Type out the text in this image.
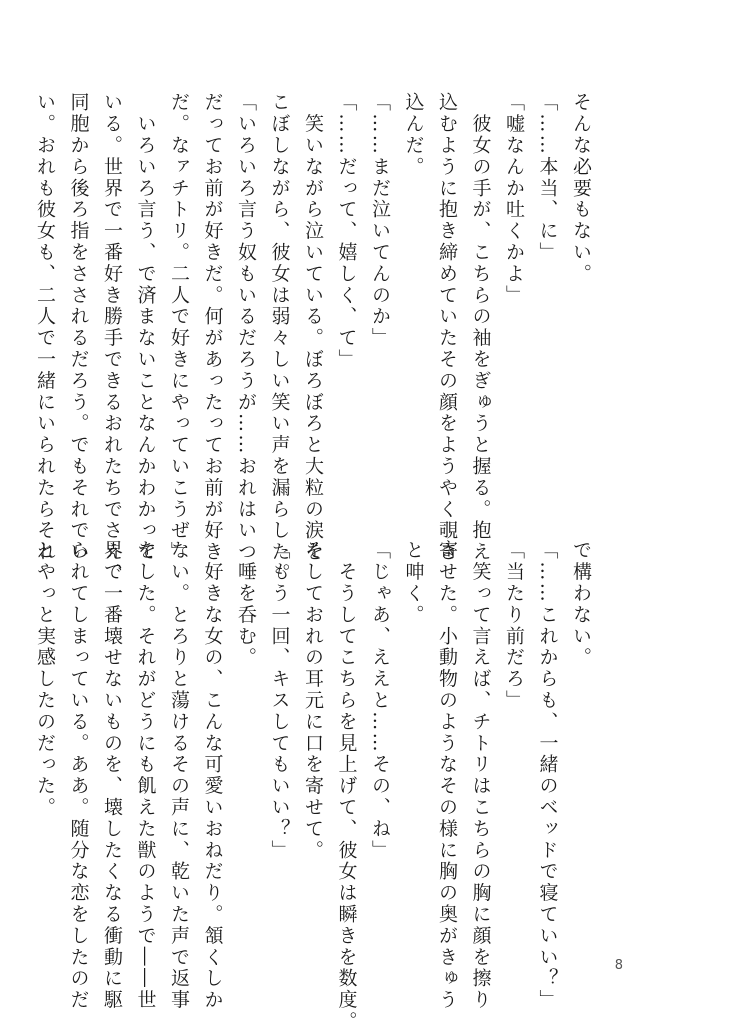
そんな必要もない。
「……本当、に」
「嘘なんか吐くかよ」
　彼女の手が、こちらの袖をぎゅうと握る。抱え
込むように抱き締めていたその顔をようやく覗き
込んだ。
「……まだ泣いてんのか」
「……だって、嬉しく、て」
　笑いながら泣いている。ぼろぼろと大粒の涙を
こぼしながら、彼女は弱々しい笑い声を漏らした。
「いろいろ言う奴もいるだろうが……おれはいつ
だってお前が好きだ。何があったってお前が好き
だ。なァチトリ。二人で好きにやっていこうぜ」
　いろいろ言う、で済まないことなんかわかって
いる。世界で一番好き勝手できるおれたちでさえ、
同胞から後ろ指をさされるだろう。でもそれでい
い。おれも彼女も、二人で一緒にいられたらそれ
で構わない。
「……これからも、一緒のベッドで寝ていい？」
「当たり前だろ」
　笑って言えば、チトリはこちらの胸に顔を擦り
寄せた。小動物のようなその様に胸の奥がきゅう
と呻く。
「じゃあ、ええと……その、ね」
　そうしてこちらを見上げて、彼女は瞬きを数度。
そしておれの耳元に口を寄せて。
「もう一回、キスしてもいい？」
　唾を呑む。
　好きな女の、こんな可愛いおねだり。頷くしか
ない。とろりと蕩けるその声に、乾いた声で返事
をした。それがどうにも飢えた獣のようで――世
界で一番壊せないものを、壊したくなる衝動に駆
られてしまっている。ああ。随分な恋をしたのだ
とやっと実感したのだった。
8
